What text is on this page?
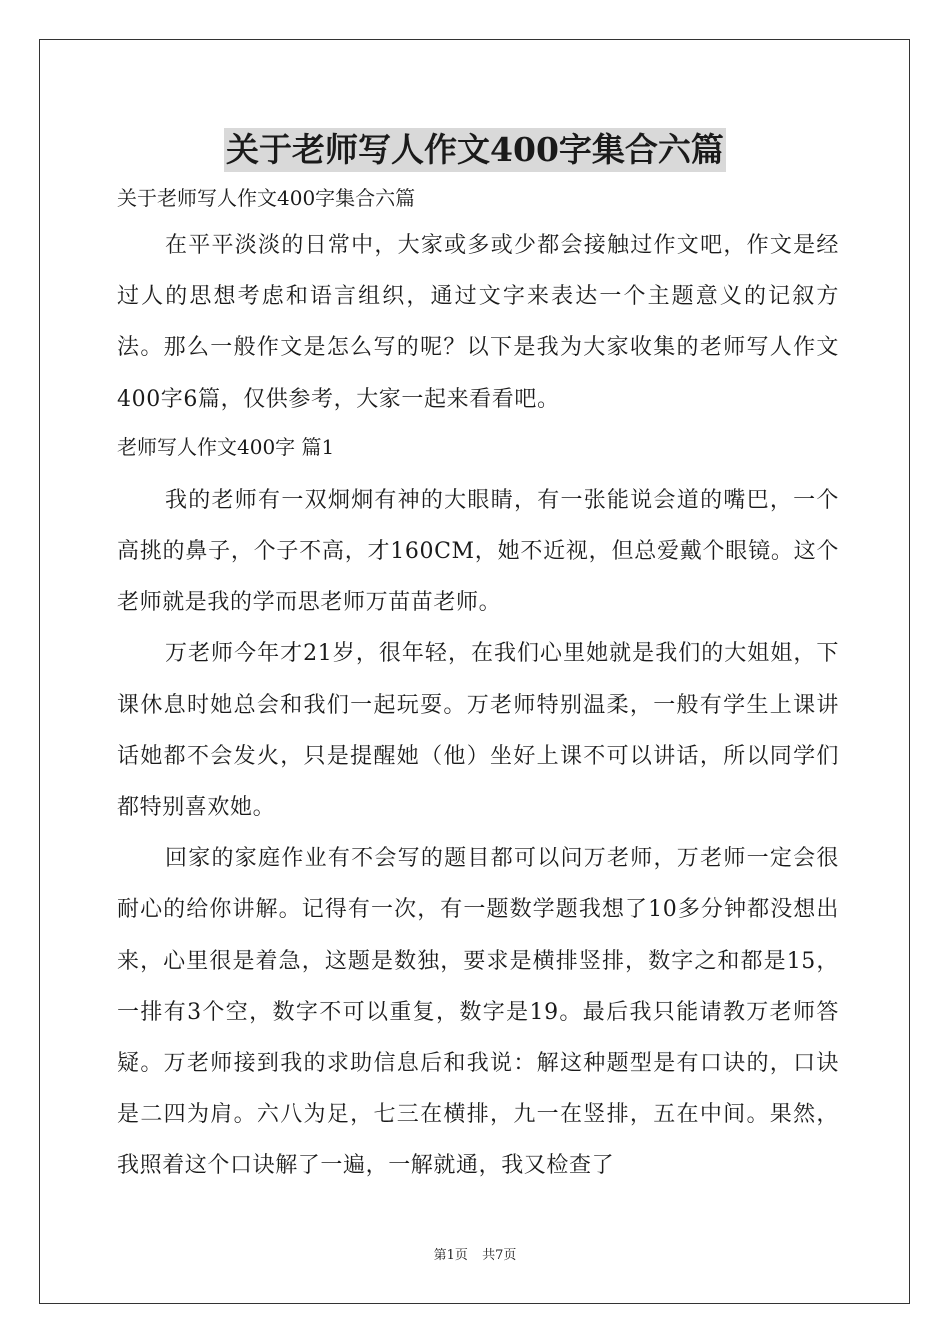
关于老师写人作文400字集合六篇

关于老师写人作文400字集合六篇

在平平淡淡的日常中，大家或多或少都会接触过作文吧，作文是经过人的思想考虑和语言组织，通过文字来表达一个主题意义的记叙方法。那么一般作文是怎么写的呢？以下是我为大家收集的老师写人作文400字6篇，仅供参考，大家一起来看看吧。

老师写人作文400字 篇1

我的老师有一双炯炯有神的大眼睛，有一张能说会道的嘴巴，一个高挑的鼻子，个子不高，才160CM，她不近视，但总爱戴个眼镜。这个老师就是我的学而思老师万苗苗老师。

万老师今年才21岁，很年轻，在我们心里她就是我们的大姐姐，下课休息时她总会和我们一起玩耍。万老师特别温柔，一般有学生上课讲话她都不会发火，只是提醒她（他）坐好上课不可以讲话，所以同学们都特别喜欢她。

回家的家庭作业有不会写的题目都可以问万老师，万老师一定会很耐心的给你讲解。记得有一次，有一题数学题我想了10多分钟都没想出来，心里很是着急，这题是数独，要求是横排竖排，数字之和都是15，一排有3个空，数字不可以重复，数字是19。最后我只能请教万老师答疑。万老师接到我的求助信息后和我说：解这种题型是有口诀的，口诀是二四为肩。六八为足，七三在横排，九一在竖排，五在中间。果然，我照着这个口诀解了一遍，一解就通，我又检查了

第1页 共7页
